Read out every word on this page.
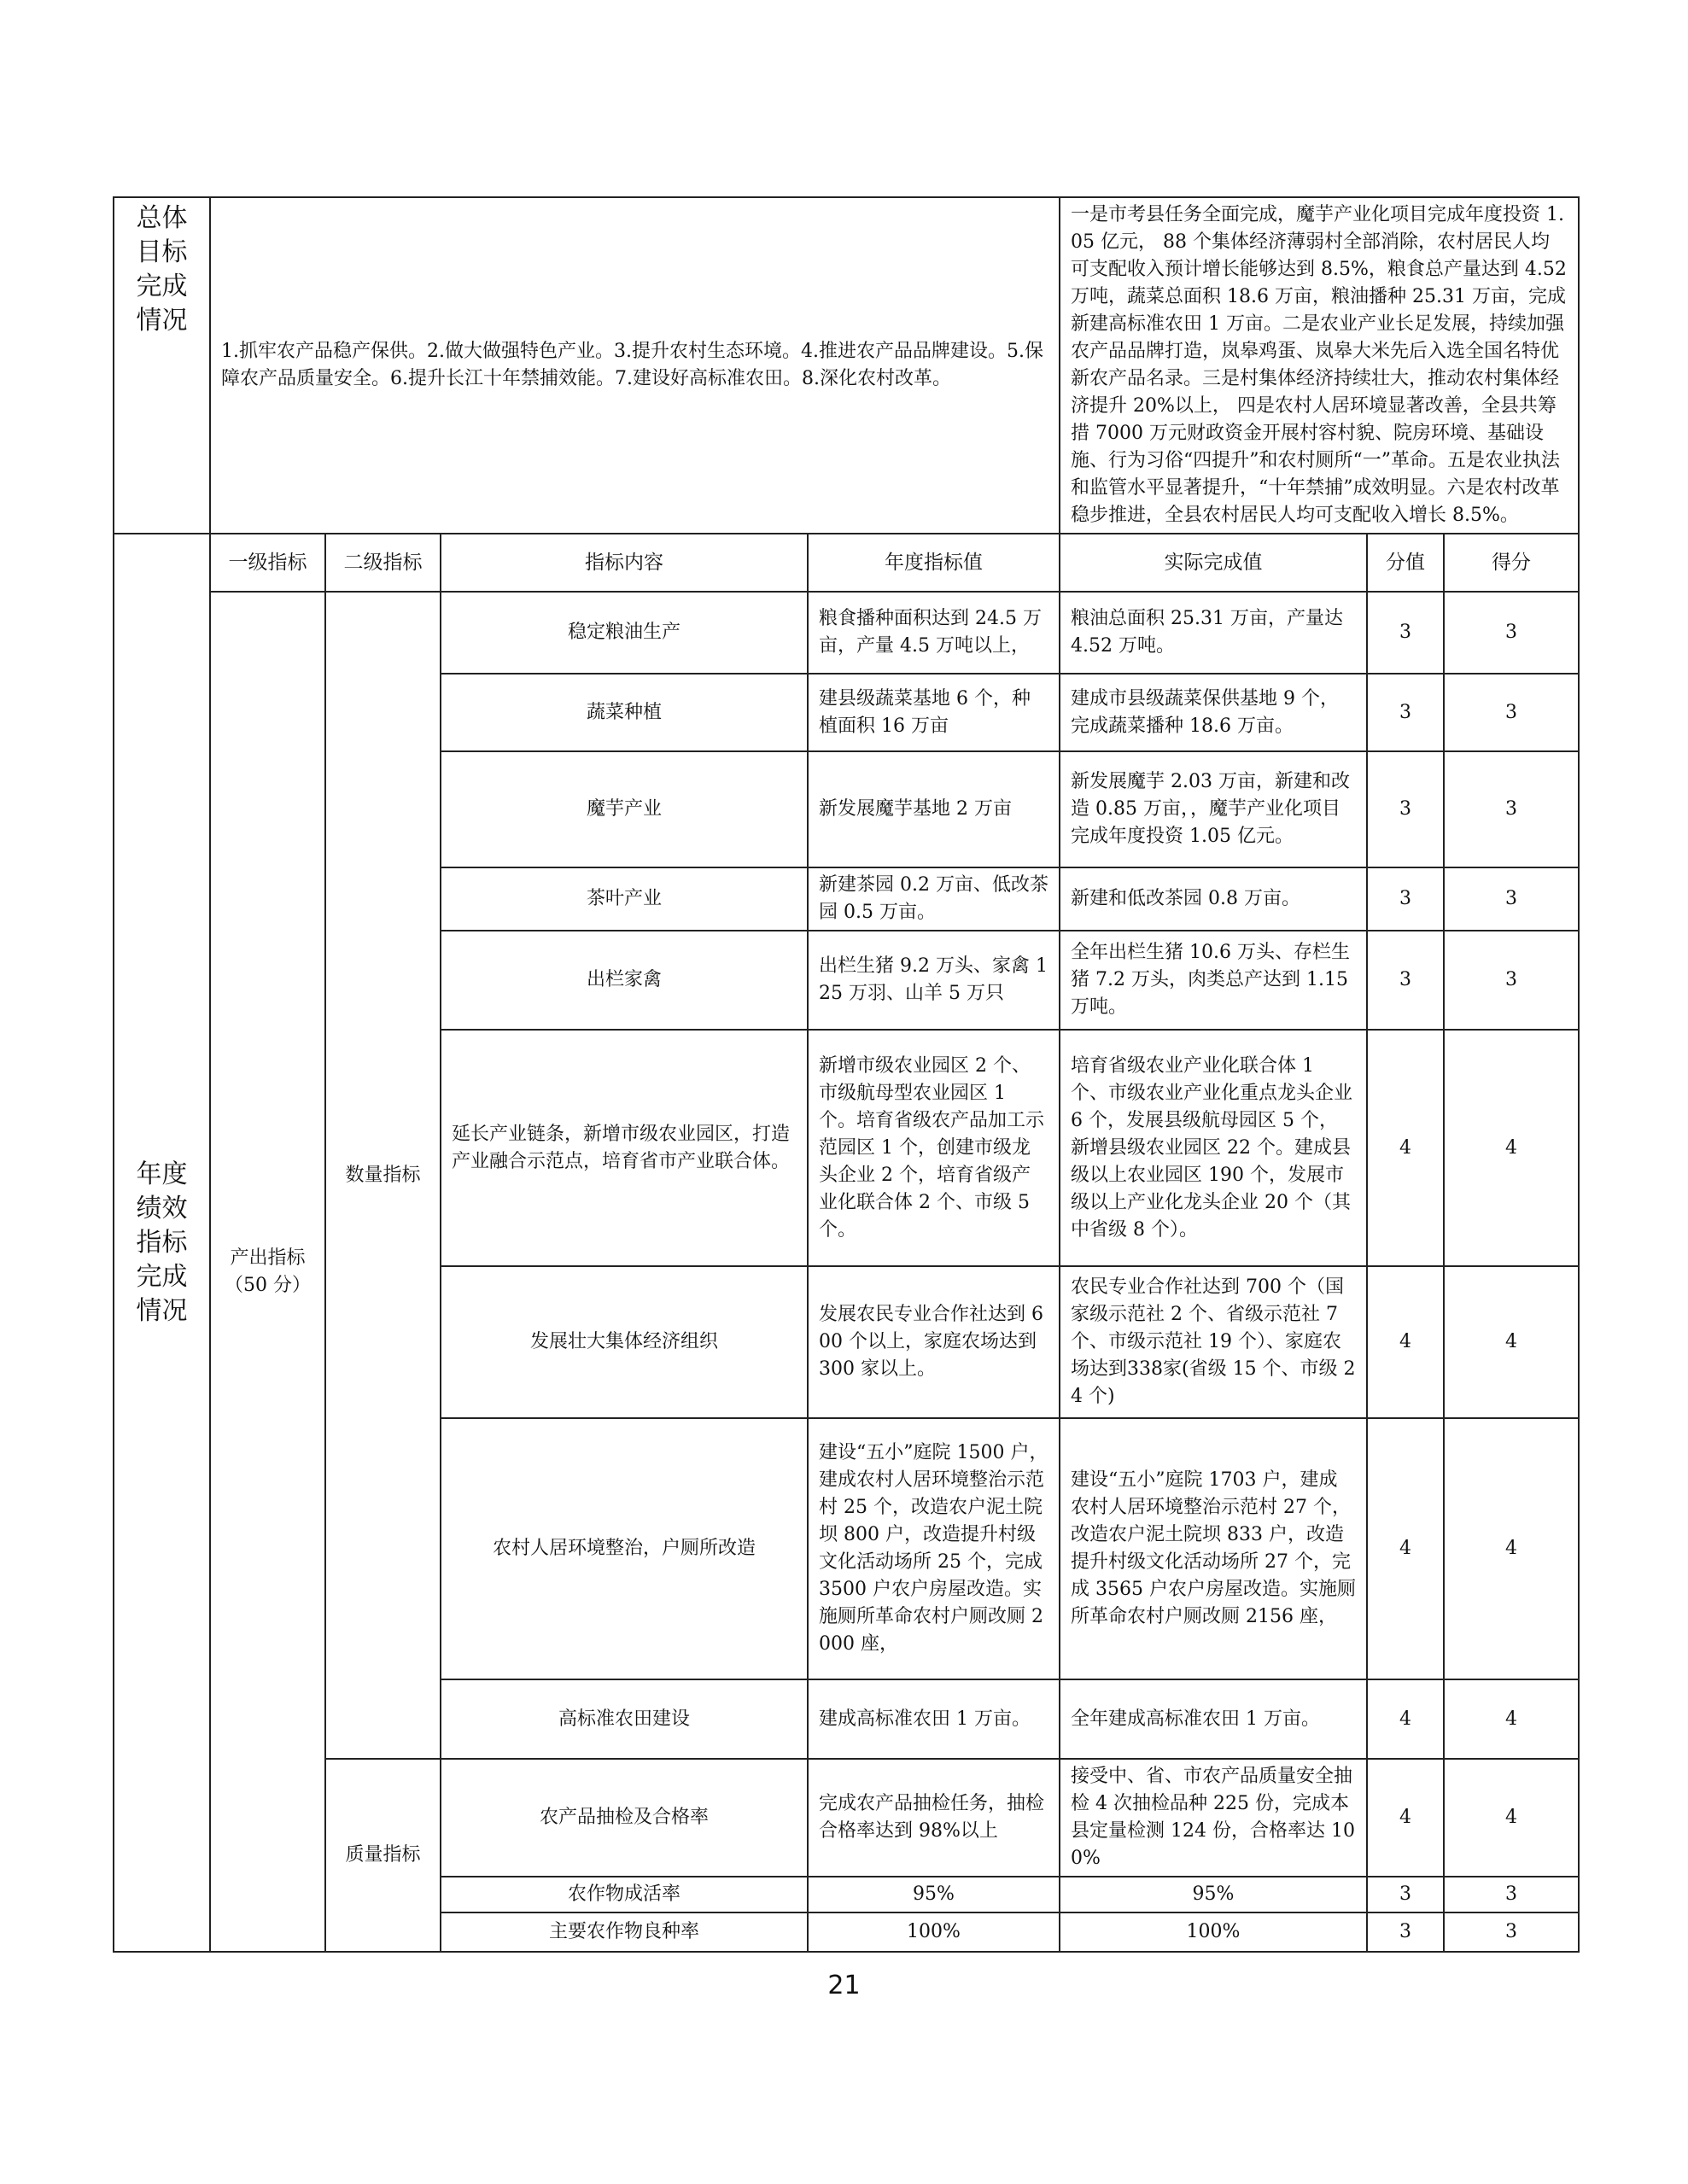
总体目标完成情况	1.抓牢农产品稳产保供。2.做大做强特色产业。3.提升农村生态环境。4.推进农产品品牌建设。5.保障农产品质量安全。6.提升长江十年禁捕效能。7.建设好高标准农田。8.深化农村改革。				一是市考县任务全面完成，魔芋产业化项目完成年度投资 1.05 亿元， 88 个集体经济薄弱村全部消除，农村居民人均可支配收入预计增长能够达到 8.5%，粮食总产量达到 4.52 万吨，蔬菜总面积 18.6 万亩，粮油播种 25.31 万亩，完成新建高标准农田 1 万亩。二是农业产业长足发展，持续加强农产品品牌打造，岚皋鸡蛋、岚皋大米先后入选全国名特优新农产品名录。三是村集体经济持续壮大，推动农村集体经济提升 20%以上， 四是农村人居环境显著改善，全县共筹措 7000 万元财政资金开展村容村貌、院房环境、基础设施、行为习俗“四提升”和农村厕所“一”革命。五是农业执法和监管水平显著提升，“十年禁捕”成效明显。六是农村改革稳步推进，全县农村居民人均可支配收入增长 8.5%。		
年度绩效指标完成情况	一级指标	二级指标	指标内容	年度指标值	实际完成值	分值	得分
	产出指标（50 分）	数量指标	稳定粮油生产	粮食播种面积达到 24.5 万亩，产量 4.5 万吨以上，	粮油总面积 25.31 万亩，产量达 4.52 万吨。	3	3
			蔬菜种植	建县级蔬菜基地 6 个，种植面积 16 万亩	建成市县级蔬菜保供基地 9 个，完成蔬菜播种 18.6 万亩。	3	3
			魔芋产业	新发展魔芋基地 2 万亩	新发展魔芋 2.03 万亩，新建和改造 0.85 万亩，，魔芋产业化项目完成年度投资 1.05 亿元。	3	3
			茶叶产业	新建茶园 0.2 万亩、低改茶园 0.5 万亩。	新建和低改茶园 0.8 万亩。	3	3
			出栏家禽	出栏生猪 9.2 万头、家禽 125 万羽、山羊 5 万只	全年出栏生猪 10.6 万头、存栏生猪 7.2 万头，肉类总产达到 1.15 万吨。	3	3
			延长产业链条，新增市级农业园区，打造产业融合示范点，培育省市产业联合体。	新增市级农业园区 2 个、市级航母型农业园区 1 个。培育省级农产品加工示范园区 1 个，创建市级龙头企业 2 个，培育省级产业化联合体 2 个、市级 5 个。	培育省级农业产业化联合体 1 个、市级农业产业化重点龙头企业 6 个，发展县级航母园区 5 个，新增县级农业园区 22 个。建成县级以上农业园区 190 个，发展市级以上产业化龙头企业 20 个（其中省级 8 个）。	4	4
			发展壮大集体经济组织	发展农民专业合作社达到 600 个以上，家庭农场达到 300 家以上。	农民专业合作社达到 700 个（国家级示范社 2 个、省级示范社 7 个、市级示范社 19 个）、家庭农场达到338家(省级 15 个、市级 24 个)	4	4
			农村人居环境整治，户厕所改造	建设“五小”庭院 1500 户，建成农村人居环境整治示范村 25 个，改造农户泥土院坝 800 户，改造提升村级文化活动场所 25 个，完成 3500 户农户房屋改造。实施厕所革命农村户厕改厕 2000 座，	建设“五小”庭院 1703 户，建成农村人居环境整治示范村 27 个，改造农户泥土院坝 833 户，改造提升村级文化活动场所 27 个，完成 3565 户农户房屋改造。实施厕所革命农村户厕改厕 2156 座，	4	4
			高标准农田建设	建成高标准农田 1 万亩。	全年建成高标准农田 1 万亩。	4	4
		质量指标	农产品抽检及合格率	完成农产品抽检任务，抽检合格率达到 98%以上	接受中、省、市农产品质量安全抽检 4 次抽检品种 225 份，完成本县定量检测 124 份，合格率达 100%	4	4
			农作物成活率	95%	95%	3	3
			主要农作物良种率	100%	100%	3	3
21
